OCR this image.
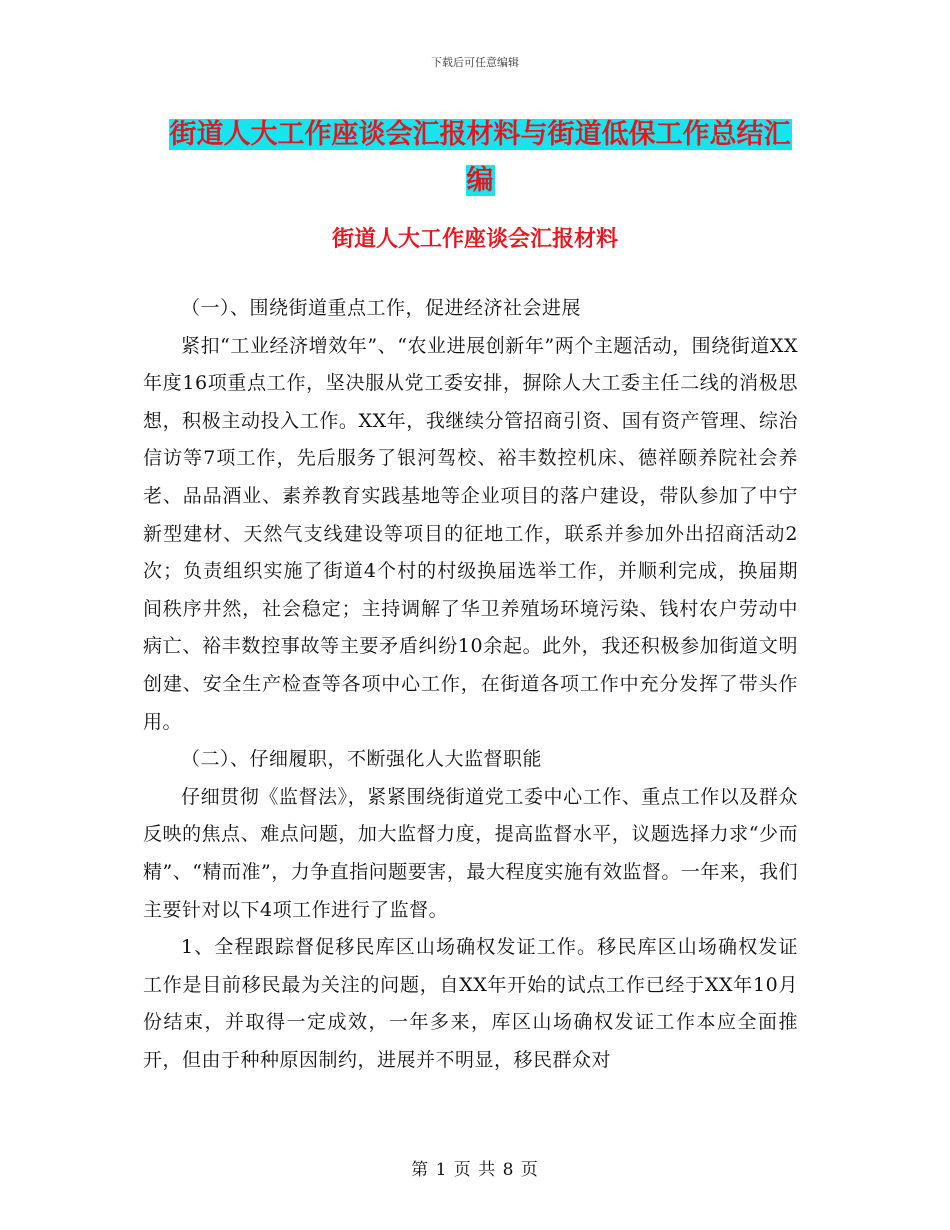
下载后可任意编辑
街道人大工作座谈会汇报材料与街道低保工作总结汇
编
街道人大工作座谈会汇报材料

（一）、围绕街道重点工作，促进经济社会进展

紧扣“工业经济增效年”、“农业进展创新年”两个主题活动，围绕街道XX年度16项重点工作，坚决服从党工委安排，摒除人大工委主任二线的消极思想，积极主动投入工作。XX年，我继续分管招商引资、国有资产管理、综治信访等7项工作，先后服务了银河驾校、裕丰数控机床、德祥颐养院社会养老、品品酒业、素养教育实践基地等企业项目的落户建设，带队参加了中宁新型建材、天然气支线建设等项目的征地工作，联系并参加外出招商活动2次；负责组织实施了街道4个村的村级换届选举工作，并顺利完成，换届期间秩序井然，社会稳定；主持调解了华卫养殖场环境污染、钱村农户劳动中病亡、裕丰数控事故等主要矛盾纠纷10余起。此外，我还积极参加街道文明创建、安全生产检查等各项中心工作，在街道各项工作中充分发挥了带头作用。

（二）、仔细履职，不断强化人大监督职能

仔细贯彻《监督法》，紧紧围绕街道党工委中心工作、重点工作以及群众反映的焦点、难点问题，加大监督力度，提高监督水平，议题选择力求“少而精”、“精而准”，力争直指问题要害，最大程度实施有效监督。一年来，我们主要针对以下4项工作进行了监督。

1、全程跟踪督促移民库区山场确权发证工作。移民库区山场确权发证工作是目前移民最为关注的问题，自XX年开始的试点工作已经于XX年10月份结束，并取得一定成效，一年多来，库区山场确权发证工作本应全面推开，但由于种种原因制约，进展并不明显，移民群众对

第 1 页 共 8 页
